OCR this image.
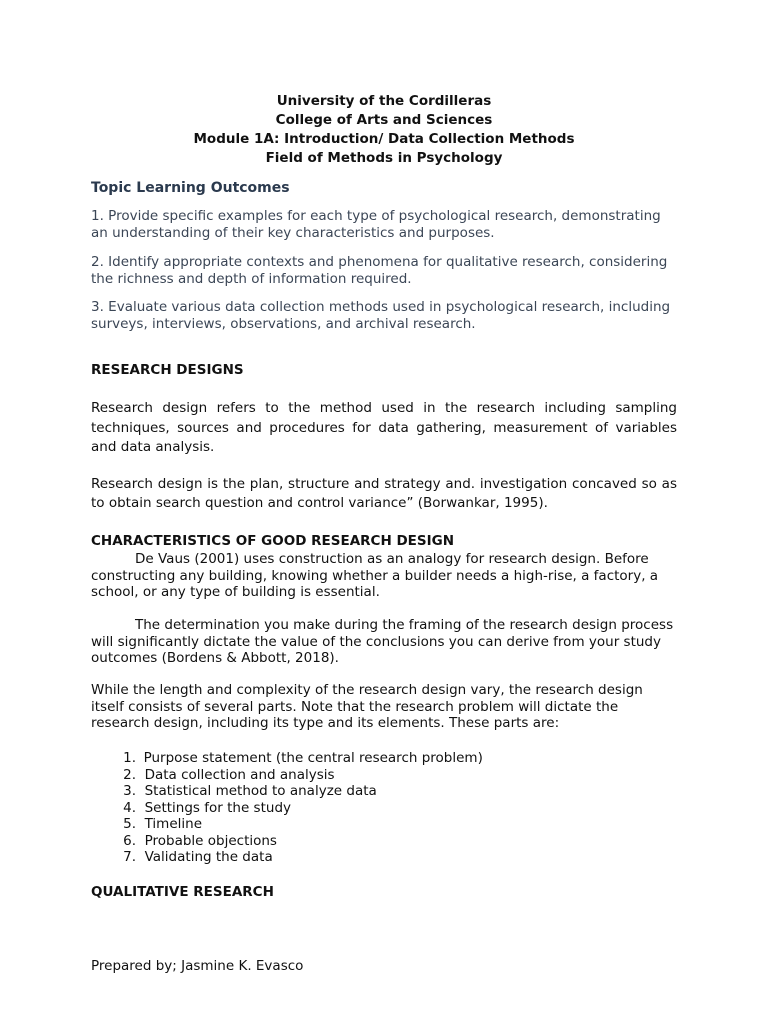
University of the Cordilleras
College of Arts and Sciences
Module 1A: Introduction/ Data Collection Methods
Field of Methods in Psychology
Topic Learning Outcomes
1. Provide specific examples for each type of psychological research, demonstrating an understanding of their key characteristics and purposes.
2. Identify appropriate contexts and phenomena for qualitative research, considering the richness and depth of information required.
3. Evaluate various data collection methods used in psychological research, including surveys, interviews, observations, and archival research.
RESEARCH DESIGNS
Research design refers to the method used in the research including sampling techniques, sources and procedures for data gathering, measurement of variables and data analysis.
Research design is the plan, structure and strategy and. investigation concaved so as to obtain search question and control variance” (Borwankar, 1995).
CHARACTERISTICS OF GOOD RESEARCH DESIGN
De Vaus (2001) uses construction as an analogy for research design. Before constructing any building, knowing whether a builder needs a high-rise, a factory, a school, or any type of building is essential.
The determination you make during the framing of the research design process will significantly dictate the value of the conclusions you can derive from your study outcomes (Bordens & Abbott, 2018).
While the length and complexity of the research design vary, the research design itself consists of several parts. Note that the research problem will dictate the research design, including its type and its elements. These parts are:
1. Purpose statement (the central research problem)
2. Data collection and analysis
3. Statistical method to analyze data
4. Settings for the study
5. Timeline
6. Probable objections
7. Validating the data
QUALITATIVE RESEARCH
Prepared by; Jasmine K. Evasco
